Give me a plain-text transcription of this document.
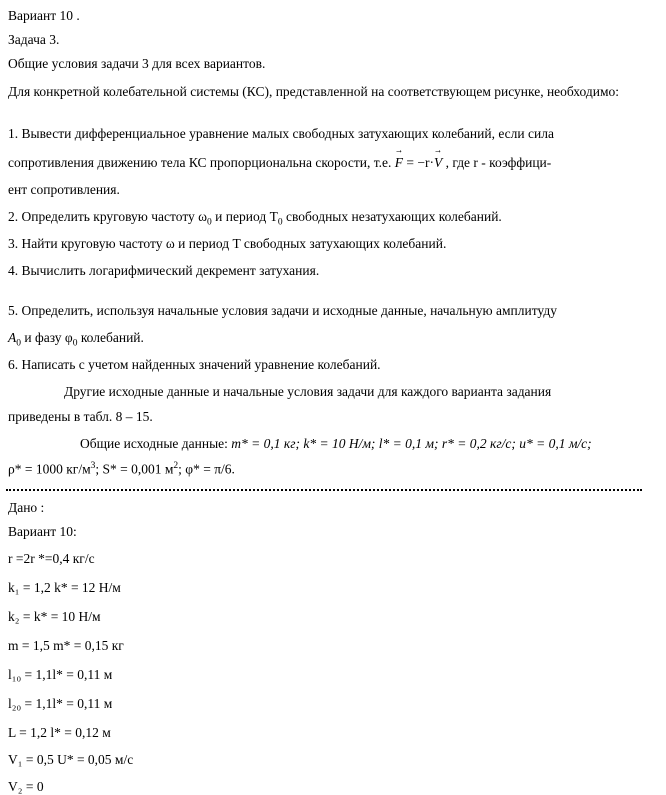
Вариант 10 .
Задача 3.
Общие условия задачи 3 для всех вариантов.
Для конкретной колебательной системы (КС), представленной на соответствующем рисунке, необходимо:
1. Вывести дифференциальное уравнение малых свободных затухающих колебаний, если сила
сопротивления движению тела КС пропорциональна скорости, т.е. F → = −r·V → , где r - коэффици-
ент сопротивления.
2. Определить круговую частоту $\omega_0$ и период $T_0$ свободных незатухающих колебаний.
3. Найти круговую частоту ω и период T свободных затухающих колебаний.
4. Вычислить логарифмический декремент затухания.
5. Определить, используя начальные условия задачи и исходные данные, начальную амплитуду
$A_0$ и фазу $\varphi_0$ колебаний.
6. Написать с учетом найденных значений уравнение колебаний.
Другие исходные данные и начальные условия задачи для каждого варианта задания
приведены в табл. 8 – 15.
Общие исходные данные: m* = 0,1 кг; k* = 10 Н/м; l* = 0,1 м; r* = 0,2 кг/с; u* = 0,1 м/с;
ρ* = 1000 $кг/м^3$; S* = 0,001 $м^2$; φ* = π/6.
Дано :
Вариант 10:
r =2r *=0,4 кг/с
k₁ = 1,2 k* = 12 Н/м
k₂ = k* = 10 Н/м
m = 1,5 m* = 0,15 кг
l₁₀ = 1,1l* = 0,11 м
l₂₀ = 1,1l* = 0,11 м
L = 1,2 l* = 0,12 м
V₁ = 0,5 U* = 0,05 м/с
V₂ = 0
